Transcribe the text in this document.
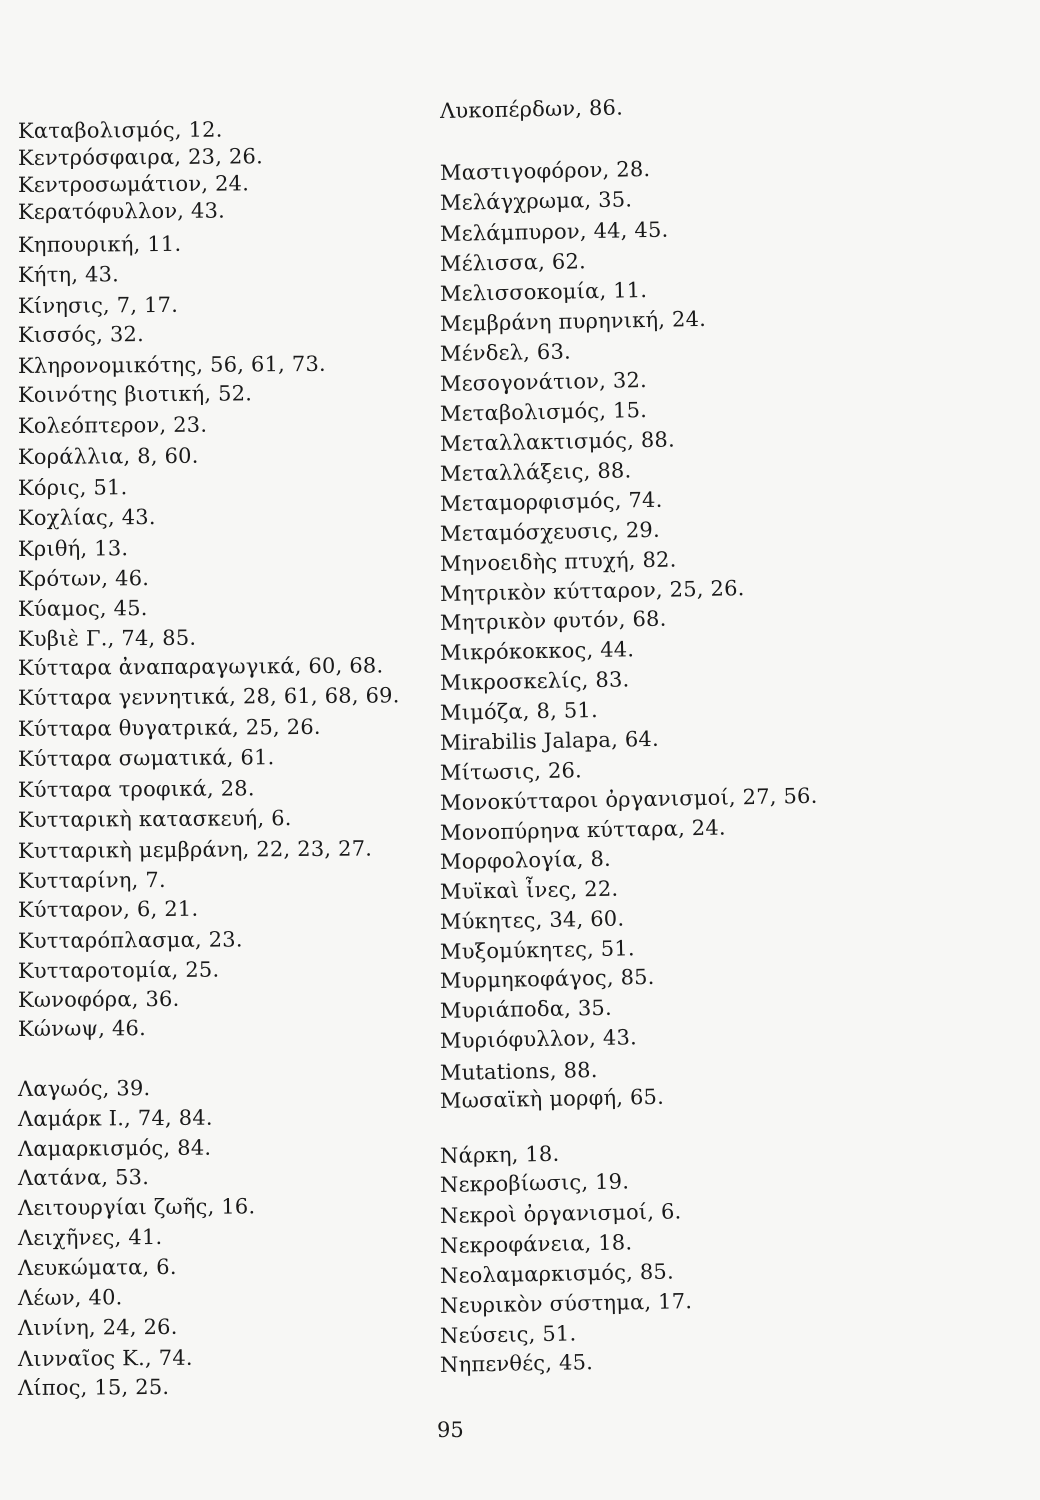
Καταβολισμός, 12.
Κεντρόσφαιρα, 23, 26.
Κεντροσωμάτιον, 24.
Κερατόφυλλον, 43.
Κηπουρική, 11.
Κήτη, 43.
Κίνησις, 7, 17.
Κισσός, 32.
Κληρονομικότης, 56, 61, 73.
Κοινότης βιοτική, 52.
Κολεόπτερον, 23.
Κοράλλια, 8, 60.
Κόρις, 51.
Κοχλίας, 43.
Κριθή, 13.
Κρότων, 46.
Κύαμος, 45.
Κυβιὲ Γ., 74, 85.
Κύτταρα ἀναπαραγωγικά, 60, 68.
Κύτταρα γεννητικά, 28, 61, 68, 69.
Κύτταρα θυγατρικά, 25, 26.
Κύτταρα σωματικά, 61.
Κύτταρα τροφικά, 28.
Κυτταρικὴ κατασκευή, 6.
Κυτταρικὴ μεμβράνη, 22, 23, 27.
Κυτταρίνη, 7.
Κύτταρον, 6, 21.
Κυτταρόπλασμα, 23.
Κυτταροτομία, 25.
Κωνοφόρα, 36.
Κώνωψ, 46.
Λαγωός, 39.
Λαμάρκ Ι., 74, 84.
Λαμαρκισμός, 84.
Λατάνα, 53.
Λειτουργίαι ζωῆς, 16.
Λειχῆνες, 41.
Λευκώματα, 6.
Λέων, 40.
Λινίνη, 24, 26.
Λινναῖος Κ., 74.
Λίπος, 15, 25.
Λυκοπέρδων, 86.
Μαστιγοφόρον, 28.
Μελάγχρωμα, 35.
Μελάμπυρον, 44, 45.
Μέλισσα, 62.
Μελισσοκομία, 11.
Μεμβράνη πυρηνική, 24.
Μένδελ, 63.
Μεσογονάτιον, 32.
Μεταβολισμός, 15.
Μεταλλακτισμός, 88.
Μεταλλάξεις, 88.
Μεταμορφισμός, 74.
Μεταμόσχευσις, 29.
Μηνοειδὴς πτυχή, 82.
Μητρικὸν κύτταρον, 25, 26.
Μητρικὸν φυτόν, 68.
Μικρόκοκκος, 44.
Μικροσκελίς, 83.
Μιμόζα, 8, 51.
Mirabilis Jalapa, 64.
Μίτωσις, 26.
Μονοκύτταροι ὀργανισμοί, 27, 56.
Μονοπύρηνα κύτταρα, 24.
Μορφολογία, 8.
Μυϊκαὶ ἶνες, 22.
Μύκητες, 34, 60.
Μυξομύκητες, 51.
Μυρμηκοφάγος, 85.
Μυριάποδα, 35.
Μυριόφυλλον, 43.
Mutations, 88.
Μωσαϊκὴ μορφή, 65.
Νάρκη, 18.
Νεκροβίωσις, 19.
Νεκροὶ ὀργανισμοί, 6.
Νεκροφάνεια, 18.
Νεολαμαρκισμός, 85.
Νευρικὸν σύστημα, 17.
Νεύσεις, 51.
Νηπενθές, 45.
95
